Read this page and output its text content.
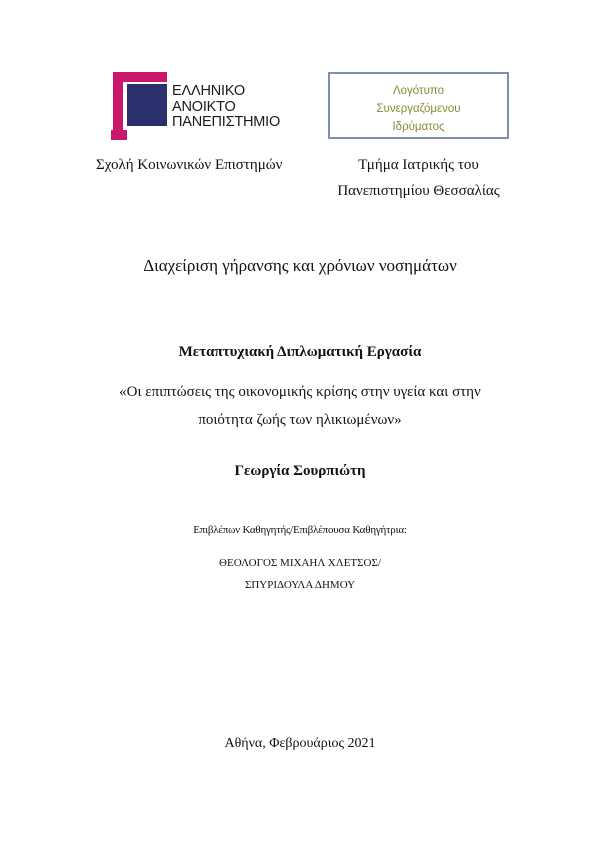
ΕΛΛΗΝΙΚΟ
ΑΝΟΙΚΤΟ
ΠΑΝΕΠΙΣΤΗΜΙΟ
Λογότυπο
Συνεργαζόμενου
Ιδρύματος
Σχολή Κοινωνικών Επιστημών	Τμήμα Ιατρικής του
Πανεπιστημίου Θεσσαλίας
Διαχείριση γήρανσης και χρόνιων νοσημάτων
Μεταπτυχιακή Διπλωματική Εργασία
«Οι επιπτώσεις της οικονομικής κρίσης στην υγεία και στην
ποιότητα ζωής των ηλικιωμένων»
Γεωργία Σουρπιώτη
Επιβλέπων Καθηγητής/Επιβλέπουσα Καθηγήτρια:
ΘΕΟΛΟΓΟΣ ΜΙΧΑΗΛ ΧΛΕΤΣΟΣ/
ΣΠΥΡΙΔΟΥΛΑ ΔΗΜΟΥ
Αθήνα, Φεβρουάριος 2021
